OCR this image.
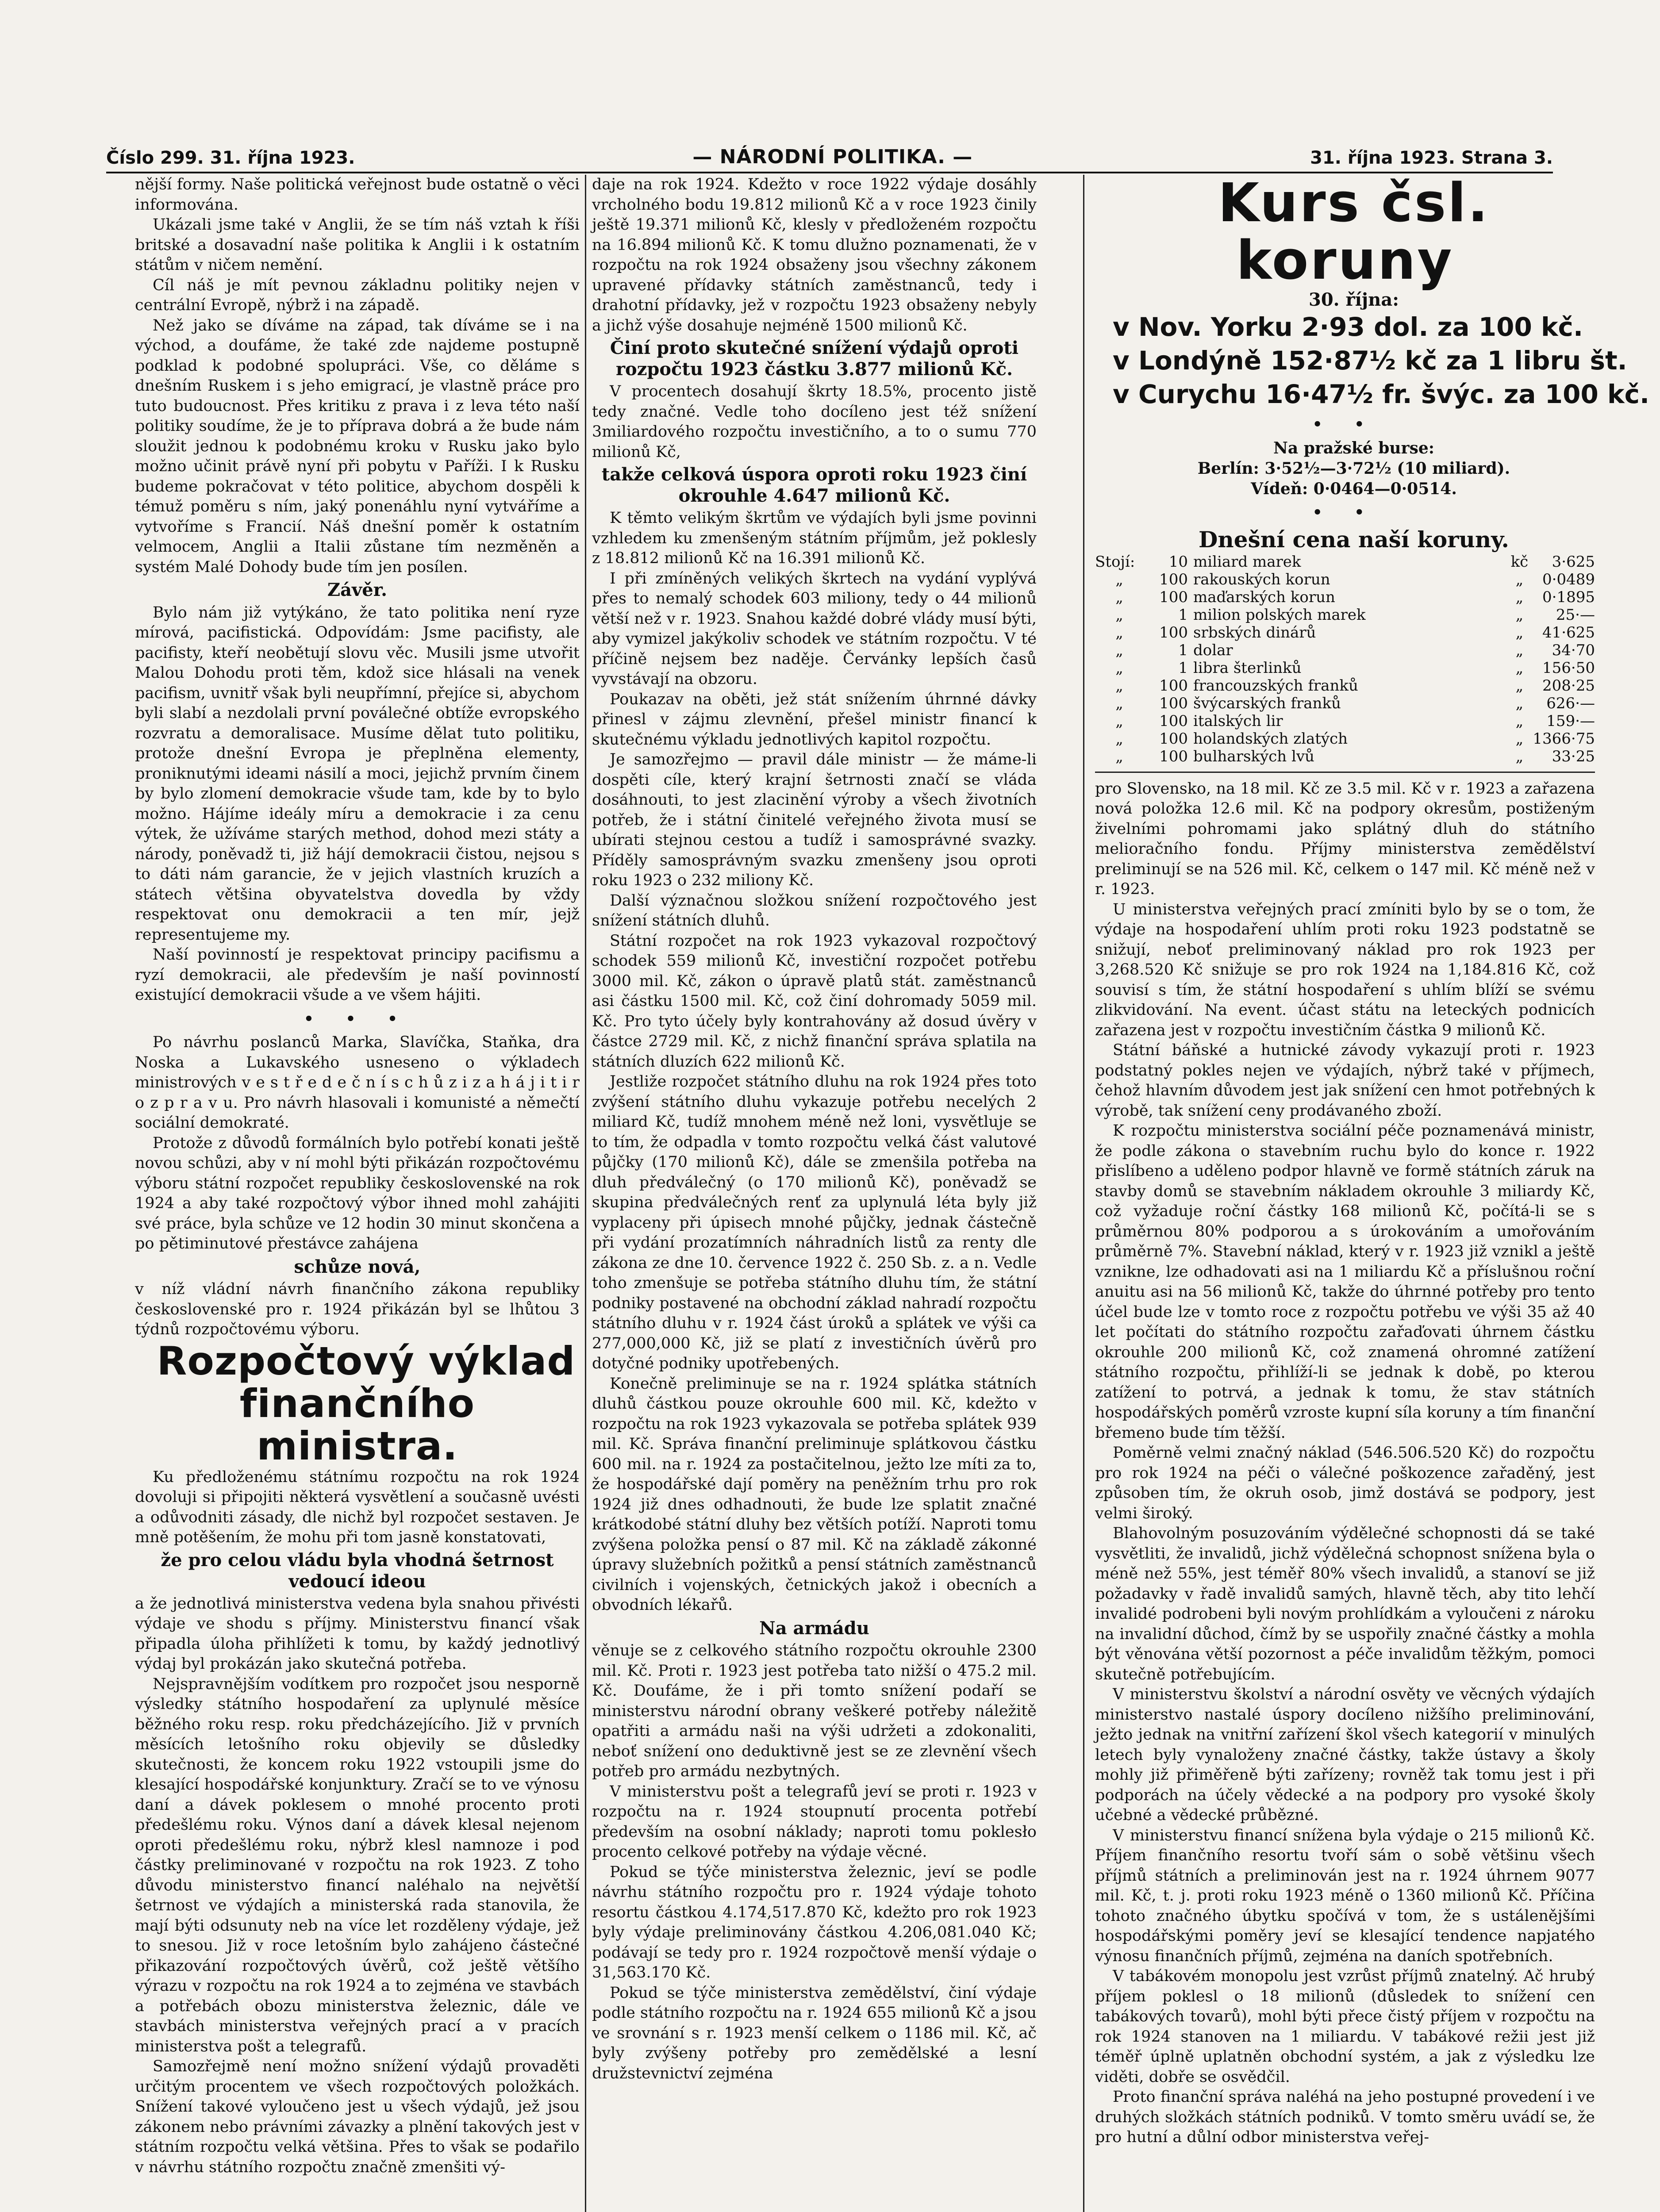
Číslo 299. 31. října 1923.	— NÁRODNÍ POLITIKA. —	31. října 1923. Strana 3.

nější formy. Naše politická veřejnost bude ostatně o věci informována.

Ukázali jsme také v Anglii, že se tím náš vztah k říši britské a dosavadní naše politika k Anglii i k ostatním státům v ničem nemění.

Cíl náš je mít pevnou základnu politiky nejen v centrální Evropě, nýbrž i na západě.

Než jako se díváme na západ, tak díváme se i na východ, a doufáme, že také zde najdeme postupně podklad k podobné spolupráci. Vše, co děláme s dnešním Ruskem i s jeho emigrací, je vlastně práce pro tuto budoucnost. Přes kritiku z prava i z leva této naší politiky soudíme, že je to příprava dobrá a že bude nám sloužit jednou k podobnému kroku v Rusku jako bylo možno učinit právě nyní při pobytu v Paříži. I k Rusku budeme pokračovat v této politice, abychom dospěli k témuž poměru s ním, jaký ponenáhlu nyní vytváříme a vytvoříme s Francií. Náš dnešní poměr k ostatním velmocem, Anglii a Italii zůstane tím nezměněn a systém Malé Dohody bude tím jen posílen.

Závěr.

Bylo nám již vytýkáno, že tato politika není ryze mírová, pacifistická. Odpovídám: Jsme pacifisty, ale pacifisty, kteří neobětují slovu věc. Musili jsme utvořit Malou Dohodu proti těm, kdož sice hlásali na venek pacifism, uvnitř však byli neupřímní, přejíce si, abychom byli slabí a nezdolali první poválečné obtíže evropského rozvratu a demoralisace. Musíme dělat tuto politiku, protože dnešní Evropa je přeplněna elementy, proniknutými ideami násilí a moci, jejichž prvním činem by bylo zlomení demokracie všude tam, kde by to bylo možno. Hájíme ideály míru a demokracie i za cenu výtek, že užíváme starých method, dohod mezi státy a národy, poněvadž ti, již hájí demokracii čistou, nejsou s to dáti nám garancie, že v jejich vlastních kruzích a státech většina obyvatelstva dovedla by vždy respektovat onu demokracii a ten mír, jejž representujeme my.

Naší povinností je respektovat principy pacifismu a ryzí demokracii, ale především je naší povinností existující demokracii všude a ve všem hájiti.

• • •

Po návrhu poslanců Marka, Slavíčka, Staňka, dra Noska a Lukavského usneseno o výkladech ministrových v e s t ř e d e č n í s c h ů z i z a h á j i t i r o z p r a v u. Pro návrh hlasovali i komunisté a němečtí sociální demokraté.

Protože z důvodů formálních bylo potřebí konati ještě novou schůzi, aby v ní mohl býti přikázán rozpočtovému výboru státní rozpočet republiky československé na rok 1924 a aby také rozpočtový výbor ihned mohl zahájiti své práce, byla schůze ve 12 hodin 30 minut skončena a po pětiminutové přestávce zahájena

schůze nová,

v níž vládní návrh finančního zákona republiky československé pro r. 1924 přikázán byl se lhůtou 3 týdnů rozpočtovému výboru.

Rozpočtový výklad finančního ministra.

Ku předloženému státnímu rozpočtu na rok 1924 dovoluji si připojiti některá vysvětlení a současně uvésti a odůvodniti zásady, dle nichž byl rozpočet sestaven. Je mně potěšením, že mohu při tom jasně konstatovati,

že pro celou vládu byla vhodná šetrnost vedoucí ideou

a že jednotlivá ministerstva vedena byla snahou přivésti výdaje ve shodu s příjmy. Ministerstvu financí však připadla úloha přihlížeti k tomu, by každý jednotlivý výdaj byl prokázán jako skutečná potřeba.

Nejspravnějším vodítkem pro rozpočet jsou nesporně výsledky státního hospodaření za uplynulé měsíce běžného roku resp. roku předcházejícího. Již v prvních měsících letošního roku objevily se důsledky skutečnosti, že koncem roku 1922 vstoupili jsme do klesající hospodářské konjunktury. Zračí se to ve výnosu daní a dávek poklesem o mnohé procento proti předešlému roku. Výnos daní a dávek klesal nejenom oproti předešlému roku, nýbrž klesl namnoze i pod částky preliminované v rozpočtu na rok 1923. Z toho důvodu ministerstvo financí naléhalo na největší šetrnost ve výdajích a ministerská rada stanovila, že mají býti odsunuty neb na více let rozděleny výdaje, jež to snesou. Již v roce letošním bylo zahájeno částečné přikazování rozpočtových úvěrů, což ještě většího výrazu v rozpočtu na rok 1924 a to zejména ve stavbách a potřebách obozu ministerstva železnic, dále ve stavbách ministerstva veřejných prací a v pracích ministerstva pošt a telegrafů.

Samozřejmě není možno snížení výdajů provaděti určitým procentem ve všech rozpočtových položkách. Snížení takové vyloučeno jest u všech výdajů, jež jsou zákonem nebo právními závazky a plnění takových jest v státním rozpočtu velká většina. Přes to však se podařilo v návrhu státního rozpočtu značně zmenšiti vý-

daje na rok 1924. Kdežto v roce 1922 výdaje dosáhly vrcholného bodu 19.812 milionů Kč a v roce 1923 činily ještě 19.371 milionů Kč, klesly v předloženém rozpočtu na 16.894 milionů Kč. K tomu dlužno poznamenati, že v rozpočtu na rok 1924 obsaženy jsou všechny zákonem upravené přídavky státních zaměstnanců, tedy i drahotní přídavky, jež v rozpočtu 1923 obsaženy nebyly a jichž výše dosahuje nejméně 1500 milionů Kč.

Činí proto skutečné snížení výdajů oproti rozpočtu 1923 částku 3.877 milionů Kč.

V procentech dosahují škrty 18.5%, procento jistě tedy značné. Vedle toho docíleno jest též snížení 3miliardového rozpočtu investičního, a to o sumu 770 milionů Kč,

takže celková úspora oproti roku 1923 činí okrouhle 4.647 milionů Kč.

K těmto velikým škrtům ve výdajích byli jsme povinni vzhledem ku zmenšeným státním příjmům, jež poklesly z 18.812 milionů Kč na 16.391 milionů Kč.

I při zmíněných velikých škrtech na vydání vyplývá přes to nemalý schodek 603 miliony, tedy o 44 milionů větší než v r. 1923. Snahou každé dobré vlády musí býti, aby vymizel jakýkoliv schodek ve státním rozpočtu. V té příčině nejsem bez naděje. Červánky lepších časů vyvstávají na obzoru.

Poukazav na oběti, jež stát snížením úhrnné dávky přinesl v zájmu zlevnění, přešel ministr financí k skutečnému výkladu jednotlivých kapitol rozpočtu.

Je samozřejmo — pravil dále ministr — že máme-li dospěti cíle, který krajní šetrnosti značí se vláda dosáhnouti, to jest zlacinění výroby a všech životních potřeb, že i státní činitelé veřejného života musí se ubírati stejnou cestou a tudíž i samosprávné svazky. Příděly samosprávným svazku zmenšeny jsou oproti roku 1923 o 232 miliony Kč.

Další význačnou složkou snížení rozpočtového jest snížení státních dluhů.

Státní rozpočet na rok 1923 vykazoval rozpočtový schodek 559 milionů Kč, investiční rozpočet potřebu 3000 mil. Kč, zákon o úpravě platů stát. zaměstnanců asi částku 1500 mil. Kč, což činí dohromady 5059 mil. Kč. Pro tyto účely byly kontrahovány až dosud úvěry v částce 2729 mil. Kč, z nichž finanční správa splatila na státních dluzích 622 milionů Kč.

Jestliže rozpočet státního dluhu na rok 1924 přes toto zvýšení státního dluhu vykazuje potřebu necelých 2 miliard Kč, tudíž mnohem méně než loni, vysvětluje se to tím, že odpadla v tomto rozpočtu velká část valutové půjčky (170 milionů Kč), dále se zmenšila potřeba na dluh předválečný (o 170 milionů Kč), poněvadž se skupina předválečných renť za uplynulá léta byly již vyplaceny při úpisech mnohé půjčky, jednak částečně při vydání prozatímních náhradních listů za renty dle zákona ze dne 10. července 1922 č. 250 Sb. z. a n. Vedle toho zmenšuje se potřeba státního dluhu tím, že státní podniky postavené na obchodní základ nahradí rozpočtu státního dluhu v r. 1924 část úroků a splátek ve výši ca 277,000,000 Kč, již se platí z investičních úvěrů pro dotyčné podniky upotřebených.

Konečně preliminuje se na r. 1924 splátka státních dluhů částkou pouze okrouhle 600 mil. Kč, kdežto v rozpočtu na rok 1923 vykazovala se potřeba splátek 939 mil. Kč. Správa finanční preliminuje splátkovou částku 600 mil. na r. 1924 za postačitelnou, ježto lze míti za to, že hospodářské dají poměry na peněžním trhu pro rok 1924 již dnes odhadnouti, že bude lze splatit značné krátkodobé státní dluhy bez větších potíží. Naproti tomu zvýšena položka pensí o 87 mil. Kč na základě zákonné úpravy služebních požitků a pensí státních zaměstnanců civilních i vojenských, četnických jakož i obecních a obvodních lékařů.

Na armádu

věnuje se z celkového státního rozpočtu okrouhle 2300 mil. Kč. Proti r. 1923 jest potřeba tato nižší o 475.2 mil. Kč. Doufáme, že i při tomto snížení podaří se ministerstvu národní obrany veškeré potřeby náležitě opatřiti a armádu naši na výši udržeti a zdokonaliti, neboť snížení ono deduktivně jest se ze zlevnění všech potřeb pro armádu nezbytných.

V ministerstvu pošt a telegrafů jeví se proti r. 1923 v rozpočtu na r. 1924 stoupnutí procenta potřebí především na osobní náklady; naproti tomu poklesło procento celkové potřeby na výdaje věcné.

Pokud se týče ministerstva železnic, jeví se podle návrhu státního rozpočtu pro r. 1924 výdaje tohoto resortu částkou 4.174,517.870 Kč, kdežto pro rok 1923 byly výdaje preliminovány částkou 4.206,081.040 Kč; podávají se tedy pro r. 1924 rozpočtově menší výdaje o 31,563.170 Kč.

Pokud se týče ministerstva zemědělství, činí výdaje podle státního rozpočtu na r. 1924 655 milionů Kč a jsou ve srovnání s r. 1923 menší celkem o 1186 mil. Kč, ač byly zvýšeny potřeby pro zemědělské a lesní družstevnictví zejména

Kurs čsl. koruny

30. října:

v Nov. Yorku 2·93 dol. za 100 kč.

v Londýně 152·87½ kč za 1 libru št.

v Curychu 16·47½ fr. švýc. za 100 kč.

• •

Na pražské burse:

Berlín: 3·52½—3·72½ (10 miliard).

Vídeň: 0·0464—0·0514.

• •

Dnešní cena naší koruny.

Stojí:	10	miliard marek	kč	3·625
„	100	rakouských korun	„	0·0489
„	100	maďarských korun	„	0·1895
„	1	milion polských marek	„	25·—
„	100	srbských dinárů	„	41·625
„	1	dolar	„	34·70
„	1	libra šterlinků	„	156·50
„	100	francouzských franků	„	208·25
„	100	švýcarských franků	„	626·—
„	100	italských lir	„	159·—
„	100	holandských zlatých	„	1366·75
„	100	bulharských lvů	„	33·25

pro Slovensko, na 18 mil. Kč ze 3.5 mil. Kč v r. 1923 a zařazena nová položka 12.6 mil. Kč na podpory okresům, postiženým živelními pohromami jako splátný dluh do státního melioračního fondu. Příjmy ministerstva zemědělství preliminují se na 526 mil. Kč, celkem o 147 mil. Kč méně než v r. 1923.

U ministerstva veřejných prací zmíniti bylo by se o tom, že výdaje na hospodaření uhlím proti roku 1923 podstatně se snižují, neboť preliminovaný náklad pro rok 1923 per 3,268.520 Kč snižuje se pro rok 1924 na 1,184.816 Kč, což souvisí s tím, že státní hospodaření s uhlím blíží se svému zlikvidování. Na event. účast státu na leteckých podnicích zařazena jest v rozpočtu investičním částka 9 milionů Kč.

Státní báňské a hutnické závody vykazují proti r. 1923 podstatný pokles nejen ve výdajích, nýbrž také v příjmech, čehož hlavním důvodem jest jak snížení cen hmot potřebných k výrobě, tak snížení ceny prodávaného zboží.

K rozpočtu ministerstva sociální péče poznamenává ministr, že podle zákona o stavebním ruchu bylo do konce r. 1922 přislíbeno a uděleno podpor hlavně ve formě státních záruk na stavby domů se stavebním nákladem okrouhle 3 miliardy Kč, což vyžaduje roční částky 168 milionů Kč, počítá-li se s průměrnou 80% podporou a s úrokováním a umořováním průměrně 7%. Stavební náklad, který v r. 1923 již vznikl a ještě vznikne, lze odhadovati asi na 1 miliardu Kč a příslušnou roční anuitu asi na 56 milionů Kč, takže do úhrnné potřeby pro tento účel bude lze v tomto roce z rozpočtu potřebu ve výši 35 až 40 let počítati do státního rozpočtu zařaďovati úhrnem částku okrouhle 200 milionů Kč, což znamená ohromné zatížení státního rozpočtu, přihlíží-li se jednak k době, po kterou zatížení to potrvá, a jednak k tomu, že stav státních hospodářských poměrů vzroste kupní síla koruny a tím finanční břemeno bude tím těžší.

Poměrně velmi značný náklad (546.506.520 Kč) do rozpočtu pro rok 1924 na péči o válečné poškozence zařaděný, jest způsoben tím, že okruh osob, jimž dostává se podpory, jest velmi široký.

Blahovolným posuzováním výdělečné schopnosti dá se také vysvětliti, že invalidů, jichž výdělečná schopnost snížena byla o méně než 55%, jest téměř 80% všech invalidů, a stanoví se již požadavky v řadě invalidů samých, hlavně těch, aby tito lehčí invalidé podrobeni byli novým prohlídkám a vyloučeni z nároku na invalidní důchod, čímž by se uspořily značné částky a mohla být věnována větší pozornost a péče invalidům těžkým, pomoci skutečně potřebujícím.

V ministerstvu školství a národní osvěty ve věcných výdajích ministerstvo nastalé úspory docíleno nižšího preliminování, ježto jednak na vnitřní zařízení škol všech kategorií v minulých letech byly vynaloženy značné částky, takže ústavy a školy mohly již přiměřeně býti zařízeny; rovněž tak tomu jest i při podporách na účely vědecké a na podpory pro vysoké školy učebné a vědecké průbězné.

V ministerstvu financí snížena byla výdaje o 215 milionů Kč. Příjem finančního resortu tvoří sám o sobě většinu všech příjmů státních a preliminován jest na r. 1924 úhrnem 9077 mil. Kč, t. j. proti roku 1923 méně o 1360 milionů Kč. Příčina tohoto značného úbytku spočívá v tom, že s ustálenějšími hospodářskými poměry jeví se klesající tendence napjatého výnosu finančních příjmů, zejména na daních spotřebních.

V tabákovém monopolu jest vzrůst příjmů znatelný. Ač hrubý příjem poklesl o 18 milionů (důsledek to snížení cen tabákových tovarů), mohl býti přece čistý příjem v rozpočtu na rok 1924 stanoven na 1 miliardu. V tabákové režii jest již téměř úplně uplatněn obchodní systém, a jak z výsledku lze viděti, dobře se osvědčil.

Proto finanční správa naléhá na jeho postupné provedení i ve druhých složkách státních podniků. V tomto směru uvádí se, že pro hutní a důlní odbor ministerstva veřej-
